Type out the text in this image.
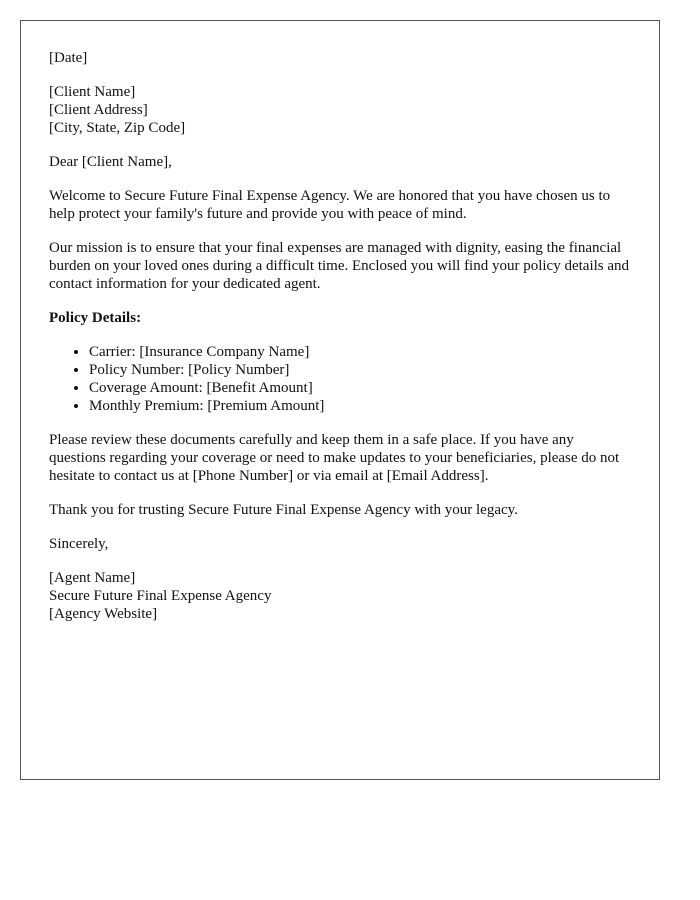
[Date]

[Client Name]
[Client Address]
[City, State, Zip Code]

Dear [Client Name],

Welcome to Secure Future Final Expense Agency. We are honored that you have chosen us to help protect your family's future and provide you with peace of mind.

Our mission is to ensure that your final expenses are managed with dignity, easing the financial burden on your loved ones during a difficult time. Enclosed you will find your policy details and contact information for your dedicated agent.

Policy Details:

• Carrier: [Insurance Company Name]
• Policy Number: [Policy Number]
• Coverage Amount: [Benefit Amount]
• Monthly Premium: [Premium Amount]

Please review these documents carefully and keep them in a safe place. If you have any questions regarding your coverage or need to make updates to your beneficiaries, please do not hesitate to contact us at [Phone Number] or via email at [Email Address].

Thank you for trusting Secure Future Final Expense Agency with your legacy.

Sincerely,

[Agent Name]
Secure Future Final Expense Agency
[Agency Website]
